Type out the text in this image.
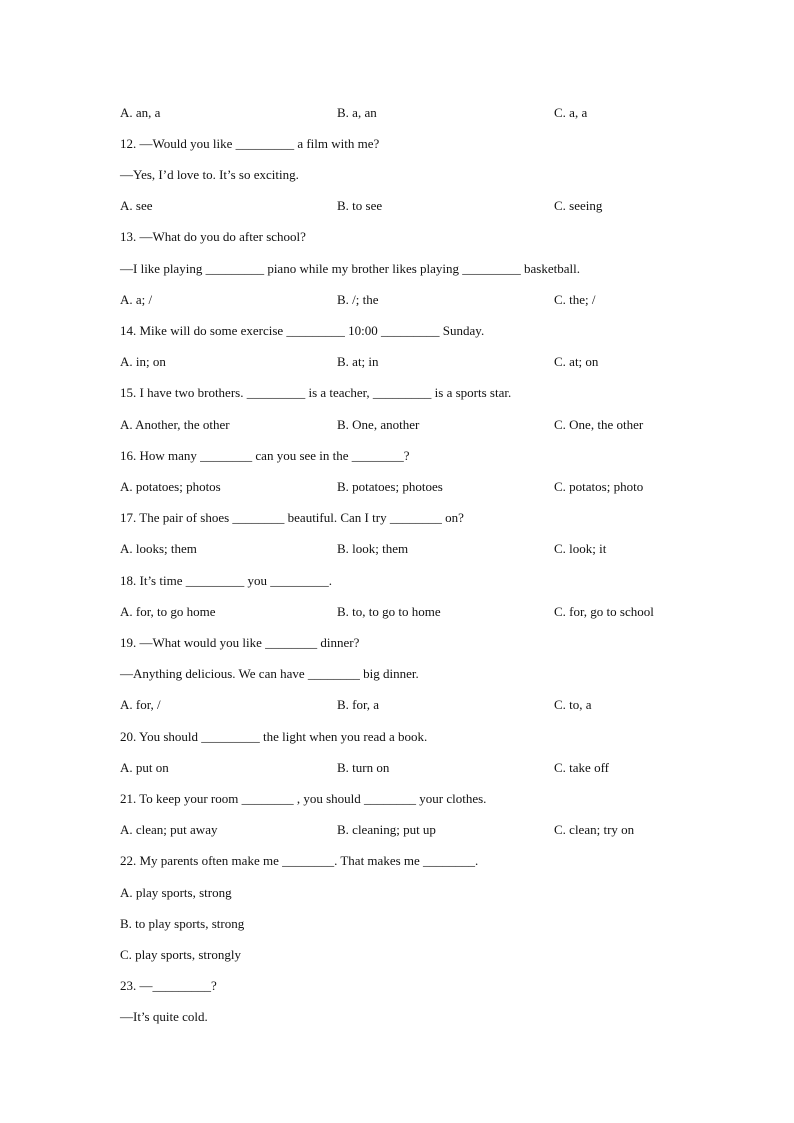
A. an, a	B. a, an	C. a, a
12. —Would you like _________ a film with me?
—Yes, I’d love to. It’s so exciting.
A. see	B. to see	C. seeing
13. —What do you do after school?
—I like playing _________ piano while my brother likes playing _________ basketball.
A. a; /	B. /; the	C. the; /
14. Mike will do some exercise _________ 10:00 _________ Sunday.
A. in; on	B. at; in	C. at; on
15. I have two brothers. _________ is a teacher, _________ is a sports star.
A. Another, the other	B. One, another	C. One, the other
16. How many ________ can you see in the ________?
A. potatoes; photos	B. potatoes; photoes	C. potatos; photo
17. The pair of shoes ________ beautiful. Can I try ________ on?
A. looks; them	B. look; them	C. look; it
18. It’s time _________ you _________.
A. for, to go home	B. to, to go to home	C. for, go to school
19. —What would you like ________ dinner?
—Anything delicious. We can have ________ big dinner.
A. for, /	B. for, a	C. to, a
20. You should _________ the light when you read a book.
A. put on	B. turn on	C. take off
21. To keep your room ________ , you should ________ your clothes.
A. clean; put away	B. cleaning; put up	C. clean; try on
22. My parents often make me ________. That makes me ________.
A. play sports, strong
B. to play sports, strong
C. play sports, strongly
23. —_________?
—It’s quite cold.
